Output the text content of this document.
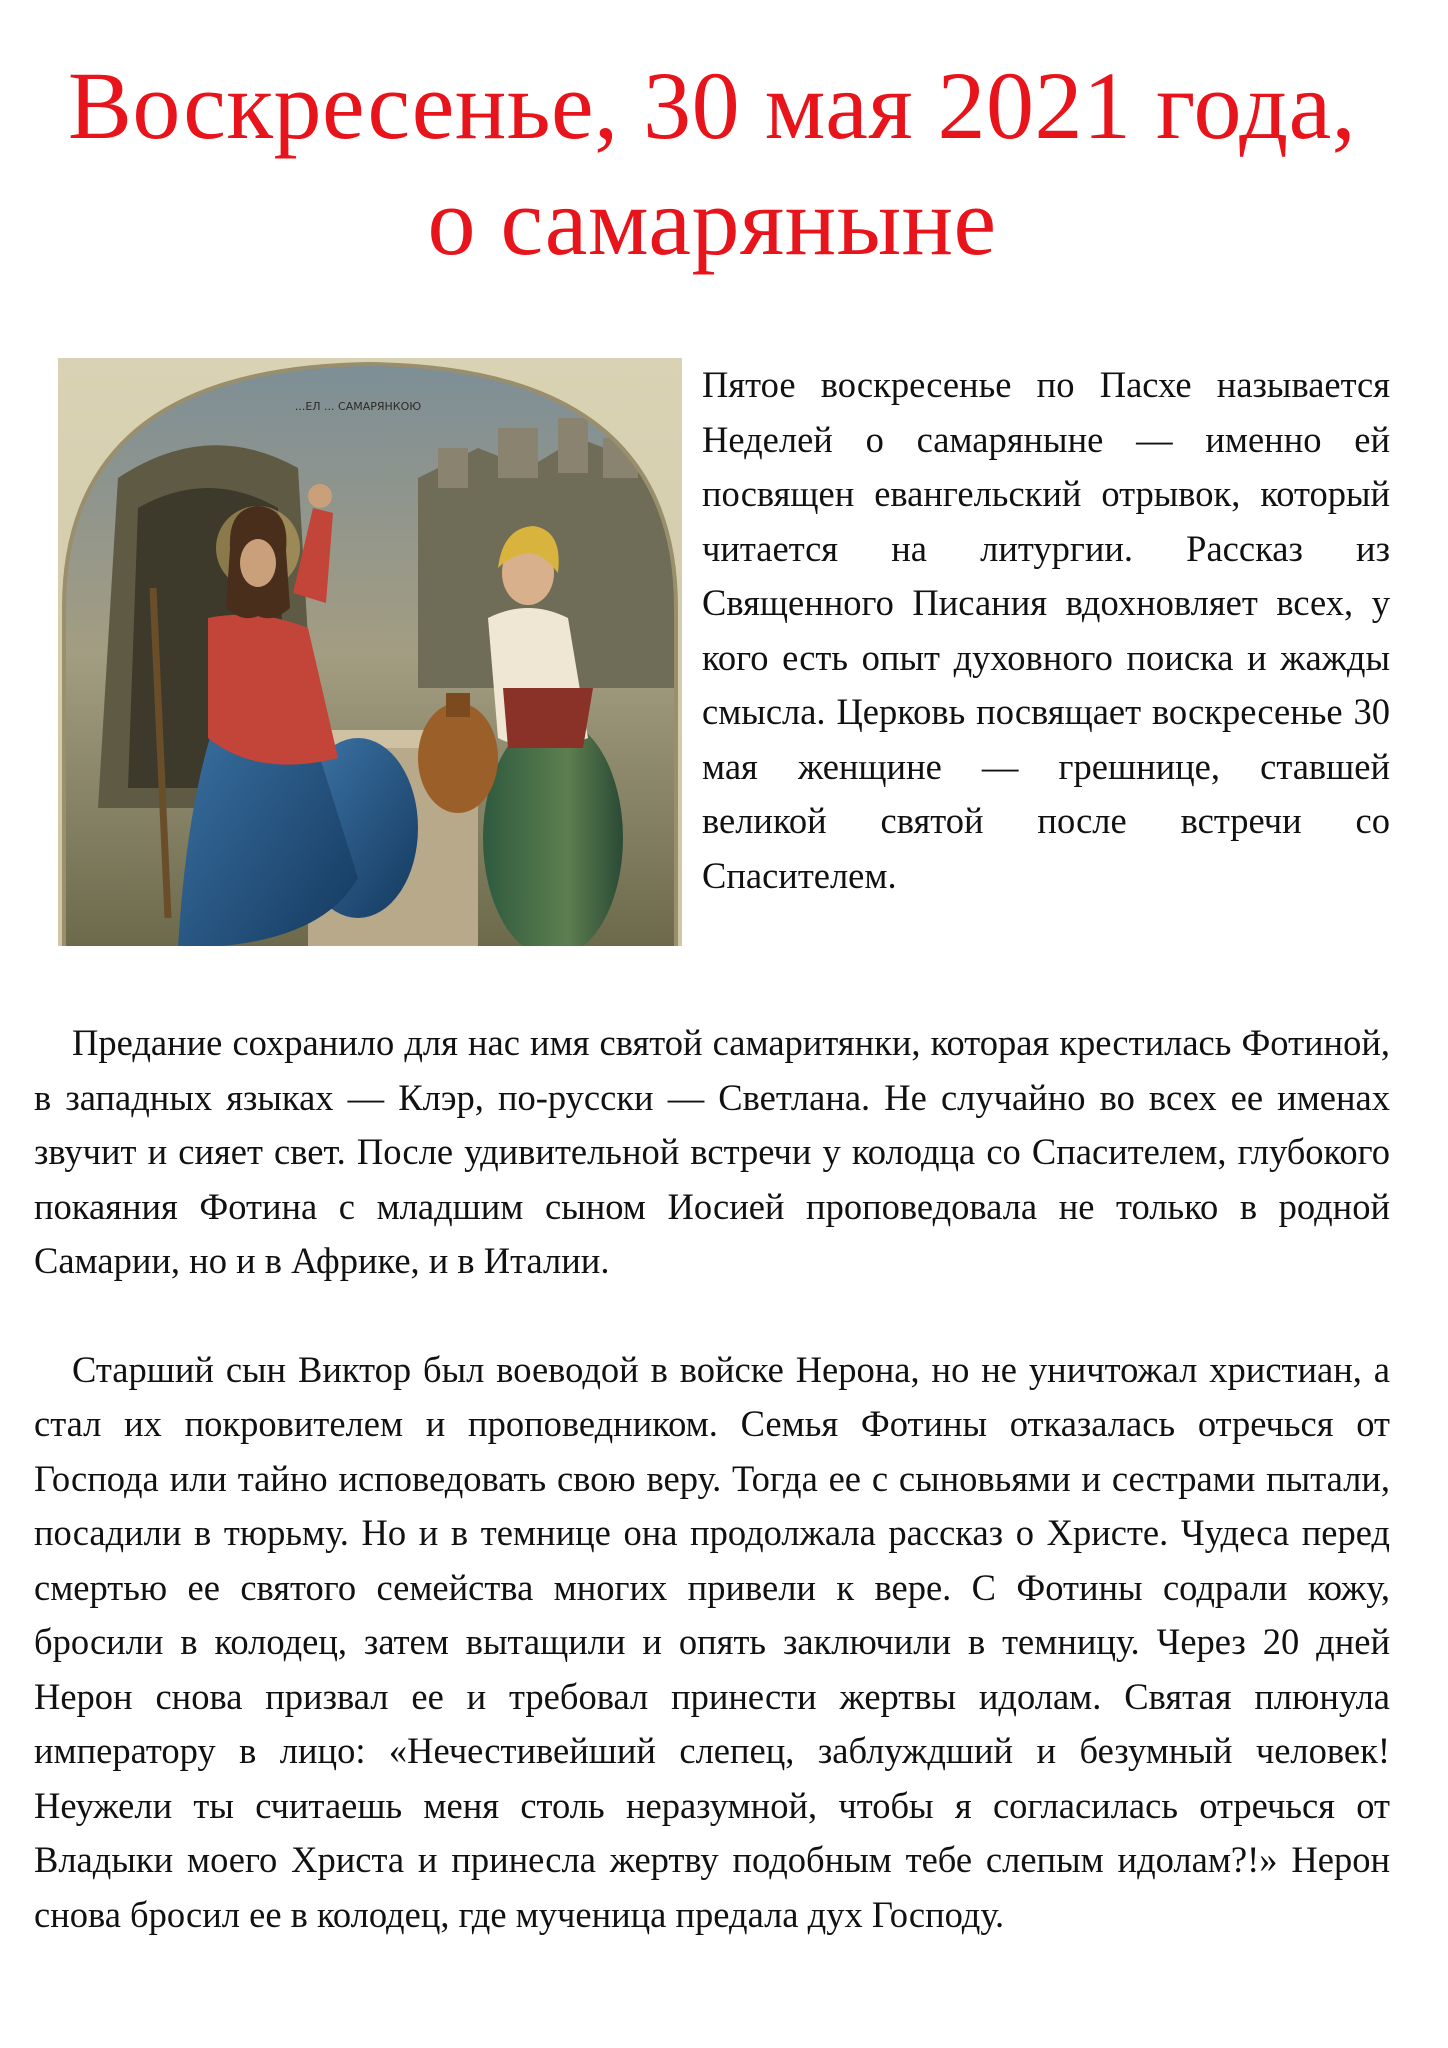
Воскресенье, 30 мая 2021 года, о самаряныне
...ЕЛ ... САМАРЯНКОЮ

Пятое воскресенье по Пасхе называется Неделей о самаряныне — именно ей посвящен евангельский отрывок, который читается на литургии. Рассказ из Священного Писания вдохновляет всех, у кого есть опыт духовного поиска и жажды смысла. Церковь посвящает воскресенье 30 мая женщине — грешнице, ставшей великой святой после встречи со Спасителем.

Предание сохранило для нас имя святой самаритянки, которая крестилась Фотиной, в западных языках — Клэр, по-русски — Светлана. Не случайно во всех ее именах звучит и сияет свет. После удивительной встречи у колодца со Спасителем, глубокого покаяния Фотина с младшим сыном Иосией проповедовала не только в родной Самарии, но и в Африке, и в Италии.

Старший сын Виктор был воеводой в войске Нерона, но не уничтожал христиан, а стал их покровителем и проповедником. Семья Фотины отказалась отречься от Господа или тайно исповедовать свою веру. Тогда ее с сыновьями и сестрами пытали, посадили в тюрьму. Но и в темнице она продолжала рассказ о Христе. Чудеса перед смертью ее святого семейства многих привели к вере. С Фотины содрали кожу, бросили в колодец, затем вытащили и опять заключили в темницу. Через 20 дней Нерон снова призвал ее и требовал принести жертвы идолам. Святая плюнула императору в лицо: «Нечестивейший слепец, заблуждший и безумный человек! Неужели ты считаешь меня столь неразумной, чтобы я согласилась отречься от Владыки моего Христа и принесла жертву подобным тебе слепым идолам?!» Нерон снова бросил ее в колодец, где мученица предала дух Господу.
